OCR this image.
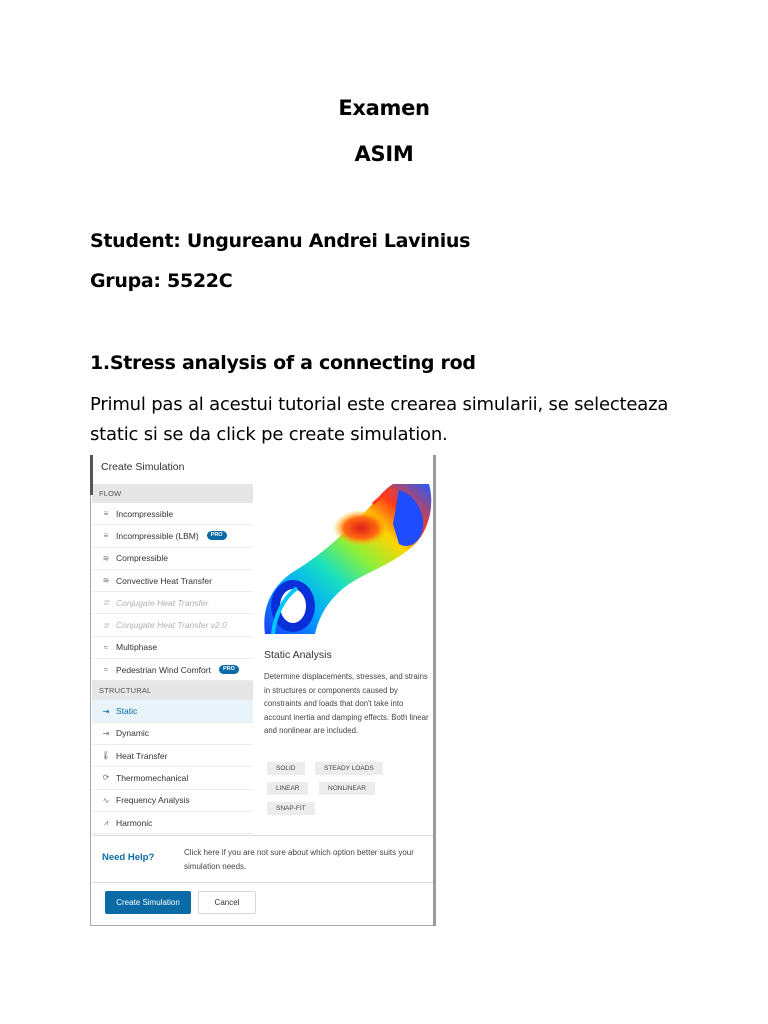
Examen
ASIM
Student: Ungureanu Andrei Lavinius
Grupa: 5522C
1.Stress analysis of a connecting rod
Primul pas al acestui tutorial este crearea simularii, se selecteaza static si se da click pe create simulation.
Create Simulation
FLOW
≡ Incompressible
≡ Incompressible (LBM)	PRO
≋ Compressible
≋ Convective Heat Transfer
≣ Conjugate Heat Transfer
≣ Conjugate Heat Transfer v2.0
≈ Multiphase
≈ Pedestrian Wind Comfort	PRO
STRUCTURAL
⇥ Static
⇥ Dynamic
🌡 Heat Transfer
⟳ Thermomechanical
∿ Frequency Analysis
⩘ Harmonic
Static Analysis
Determine displacements, stresses, and strains in structures or components caused by constraints and loads that don't take into account inertia and damping effects. Both linear and nonlinear are included.
SOLID	STEADY LOADS
LINEAR	NONLINEAR
SNAP-FIT
Need Help?	Click here if you are not sure about which option better suits your simulation needs.
Create Simulation	Cancel
